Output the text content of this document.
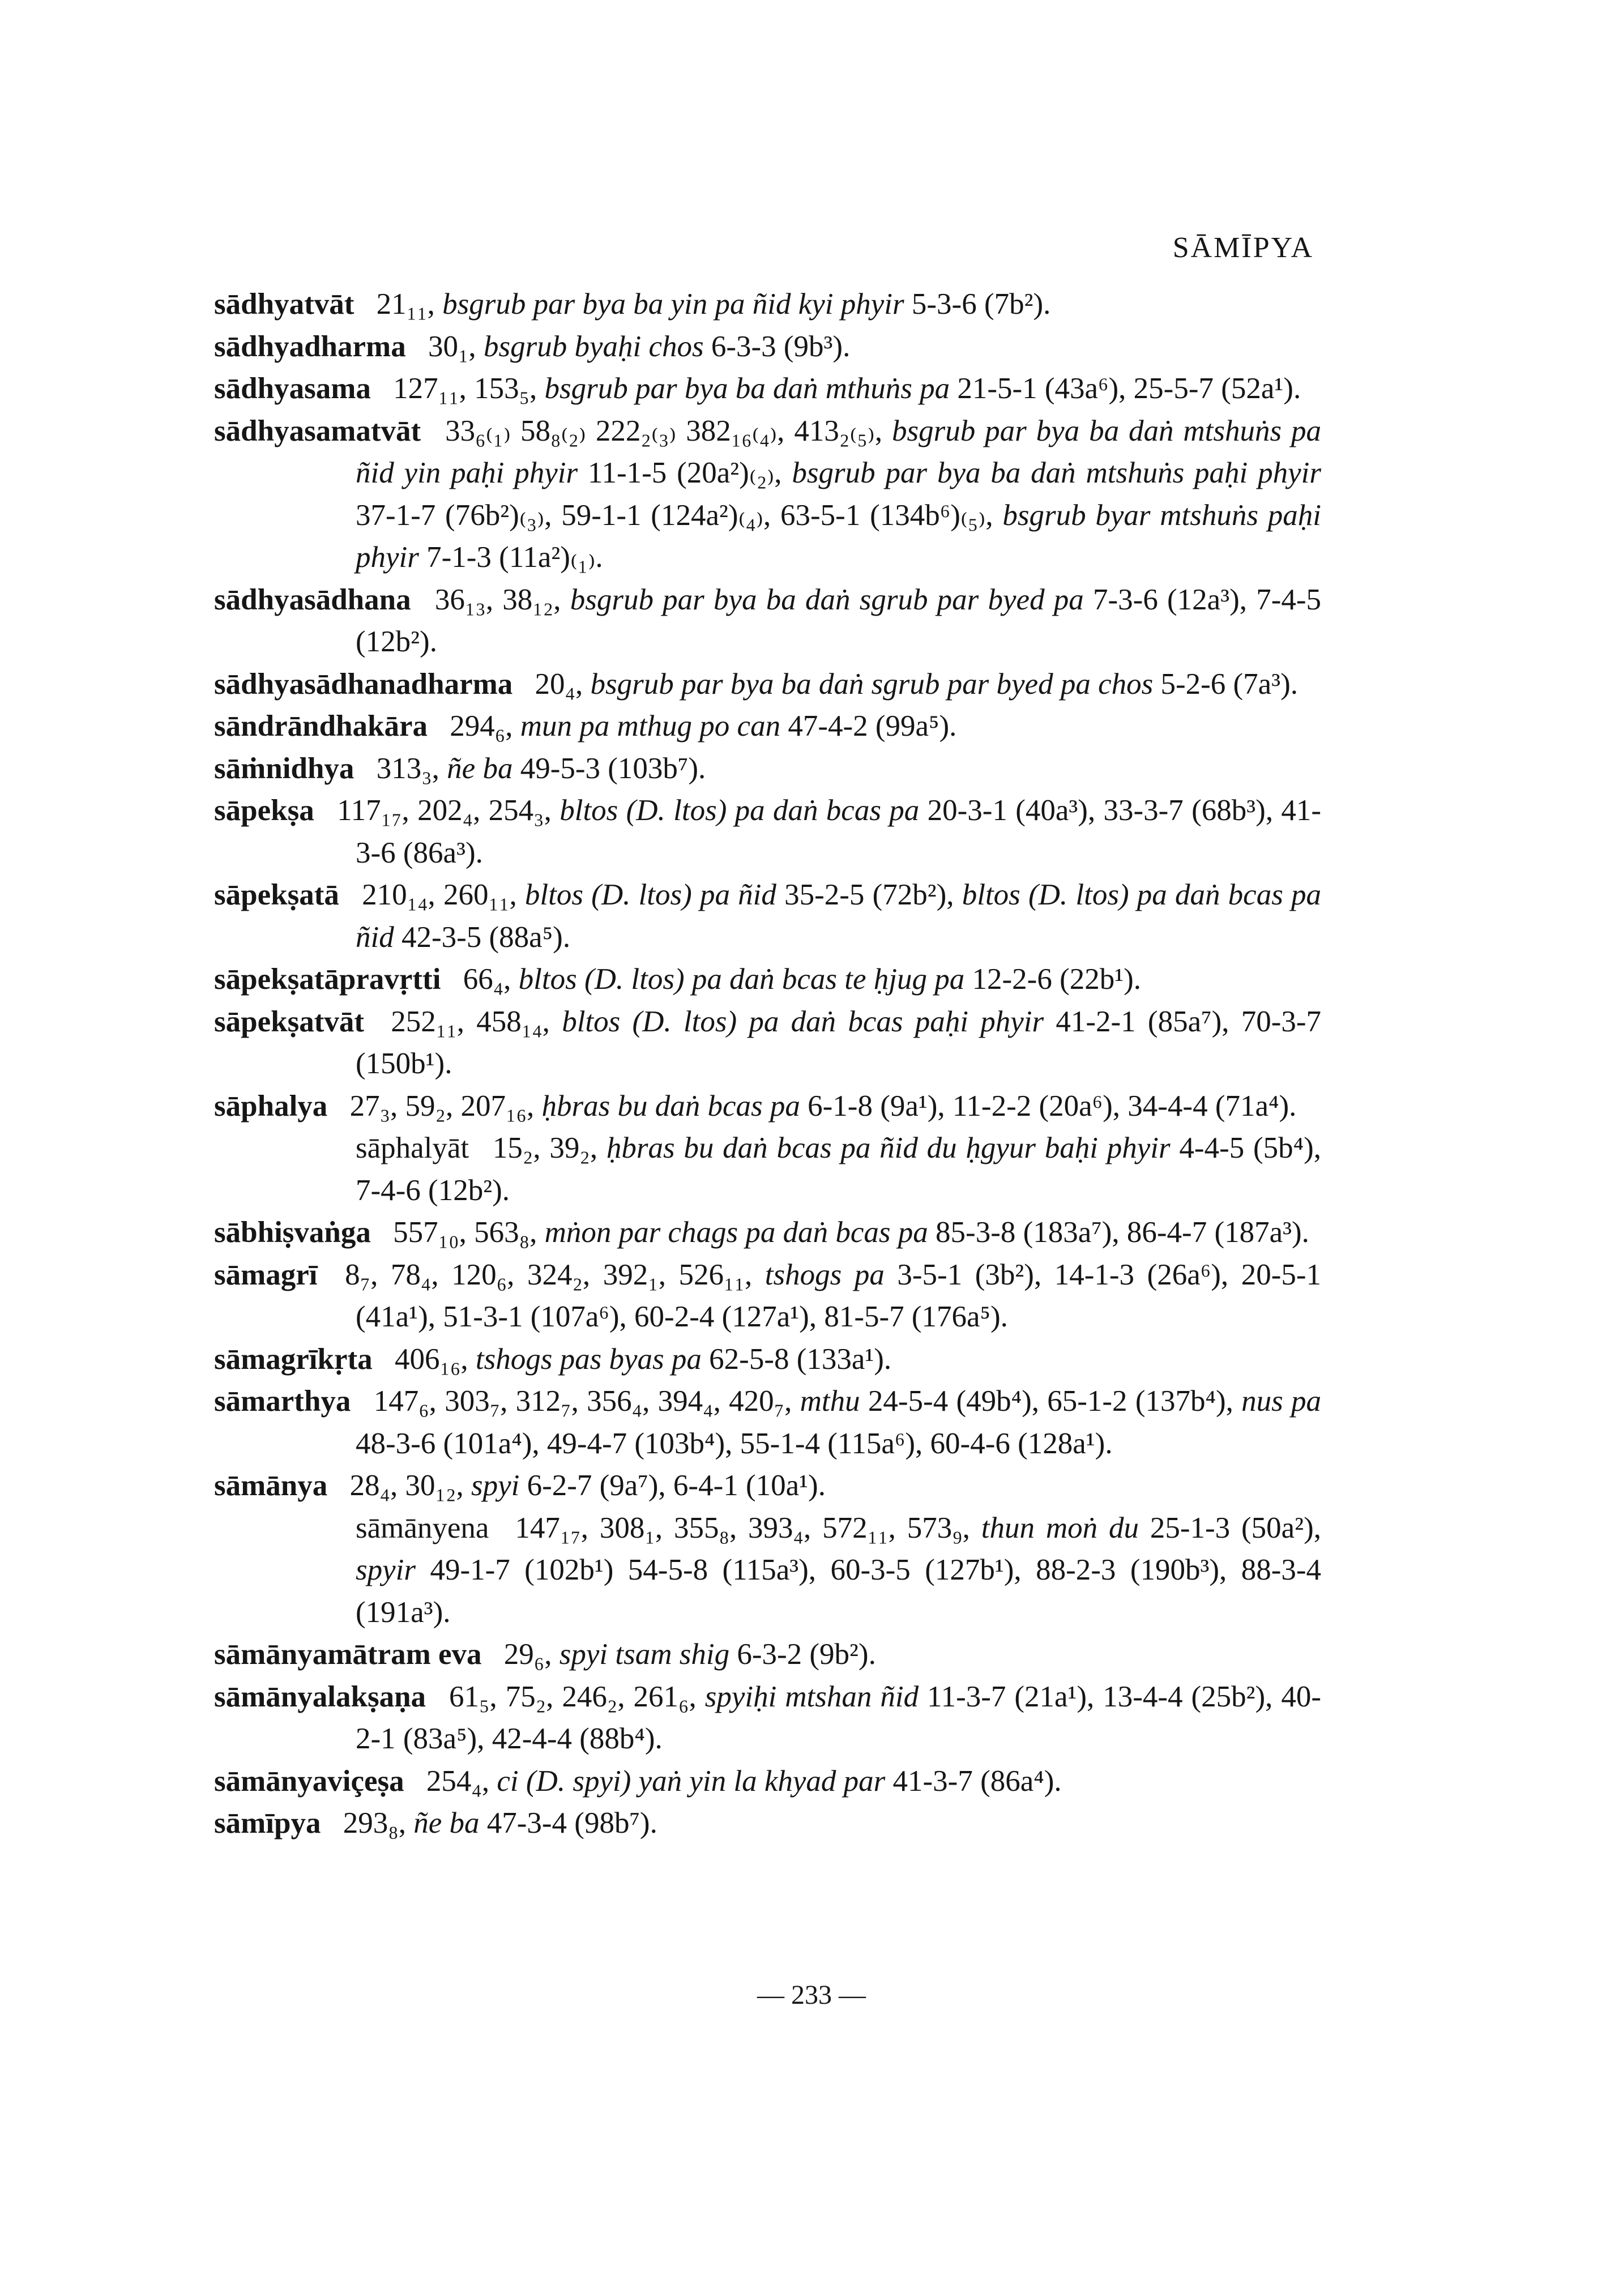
SĀMĪPYA
sādhyatvāt 21₁₁, bsgrub par bya ba yin pa ñid kyi phyir 5-3-6 (7b²).
sādhyadharma 30₁, bsgrub byaḥi chos 6-3-3 (9b³).
sādhyasama 127₁₁, 153₅, bsgrub par bya ba daṅ mthuṅs pa 21-5-1 (43a⁶), 25-5-7 (52a¹).
sādhyasamatvāt 33₆₍₁₎ 58₈₍₂₎ 222₂₍₃₎ 382₁₆₍₄₎, 413₂₍₅₎, bsgrub par bya ba daṅ mtshuṅs pa ñid yin paḥi phyir 11-1-5 (20a²)₍₂₎, bsgrub par bya ba daṅ mtshuṅs paḥi phyir 37-1-7 (76b²)₍₃₎, 59-1-1 (124a²)₍₄₎, 63-5-1 (134b⁶)₍₅₎, bsgrub byar mtshuṅs paḥi phyir 7-1-3 (11a²)₍₁₎.
sādhyasādhana 36₁₃, 38₁₂, bsgrub par bya ba daṅ sgrub par byed pa 7-3-6 (12a³), 7-4-5 (12b²).
sādhyasādhanadharma 20₄, bsgrub par bya ba daṅ sgrub par byed pa chos 5-2-6 (7a³).
sāndrāndhakāra 294₆, mun pa mthug po can 47-4-2 (99a⁵).
sāṁnidhya 313₃, ñe ba 49-5-3 (103b⁷).
sāpekṣa 117₁₇, 202₄, 254₃, bltos (D. ltos) pa daṅ bcas pa 20-3-1 (40a³), 33-3-7 (68b³), 41-3-6 (86a³).
sāpekṣatā 210₁₄, 260₁₁, bltos (D. ltos) pa ñid 35-2-5 (72b²), bltos (D. ltos) pa daṅ bcas pa ñid 42-3-5 (88a⁵).
sāpekṣatāpravṛtti 66₄, bltos (D. ltos) pa daṅ bcas te ḥjug pa 12-2-6 (22b¹).
sāpekṣatvāt 252₁₁, 458₁₄, bltos (D. ltos) pa daṅ bcas paḥi phyir 41-2-1 (85a⁷), 70-3-7 (150b¹).
sāphalya 27₃, 59₂, 207₁₆, ḥbras bu daṅ bcas pa 6-1-8 (9a¹), 11-2-2 (20a⁶), 34-4-4 (71a⁴).
sāphalyāt 15₂, 39₂, ḥbras bu daṅ bcas pa ñid du ḥgyur baḥi phyir 4-4-5 (5b⁴), 7-4-6 (12b²).
sābhiṣvaṅga 557₁₀, 563₈, mṅon par chags pa daṅ bcas pa 85-3-8 (183a⁷), 86-4-7 (187a³).
sāmagrī 8₇, 78₄, 120₆, 324₂, 392₁, 526₁₁, tshogs pa 3-5-1 (3b²), 14-1-3 (26a⁶), 20-5-1 (41a¹), 51-3-1 (107a⁶), 60-2-4 (127a¹), 81-5-7 (176a⁵).
sāmagrīkṛta 406₁₆, tshogs pas byas pa 62-5-8 (133a¹).
sāmarthya 147₆, 303₇, 312₇, 356₄, 394₄, 420₇, mthu 24-5-4 (49b⁴), 65-1-2 (137b⁴), nus pa 48-3-6 (101a⁴), 49-4-7 (103b⁴), 55-1-4 (115a⁶), 60-4-6 (128a¹).
sāmānya 28₄, 30₁₂, spyi 6-2-7 (9a⁷), 6-4-1 (10a¹).
sāmānyena 147₁₇, 308₁, 355₈, 393₄, 572₁₁, 573₉, thun moṅ du 25-1-3 (50a²), spyir 49-1-7 (102b¹) 54-5-8 (115a³), 60-3-5 (127b¹), 88-2-3 (190b³), 88-3-4 (191a³).
sāmānyamātram eva 29₆, spyi tsam shig 6-3-2 (9b²).
sāmānyalakṣaṇa 61₅, 75₂, 246₂, 261₆, spyiḥi mtshan ñid 11-3-7 (21a¹), 13-4-4 (25b²), 40-2-1 (83a⁵), 42-4-4 (88b⁴).
sāmānyaviçeṣa 254₄, ci (D. spyi) yaṅ yin la khyad par 41-3-7 (86a⁴).
sāmīpya 293₈, ñe ba 47-3-4 (98b⁷).
— 233 —
